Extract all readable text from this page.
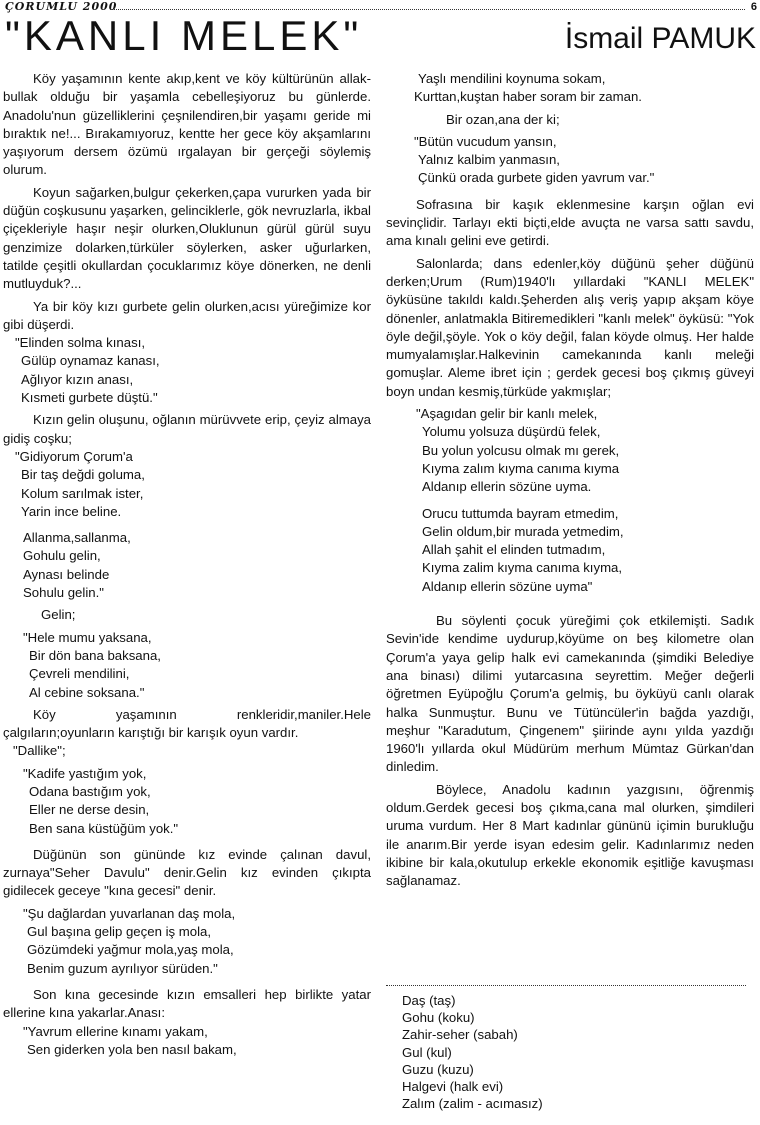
ÇORUMLU 2000	6
"KANLI MELEK"	İsmail PAMUK

Köy yaşamının kente akıp,kent ve köy kültürünün allak-bullak olduğu bir yaşamla cebelleşiyoruz bu günlerde. Anadolu'nun güzelliklerini çeşnilendiren,bir yaşamı geride mi bıraktık ne!... Bırakamıyoruz, kentte her gece köy akşamlarını yaşıyorum dersem özümü ırgalayan bir gerçeği söylemiş olurum.

Koyun sağarken,bulgur çekerken,çapa vururken yada bir düğün coşkusunu yaşarken, gelinciklerle, gök nevruzlarla, ikbal çiçekleriyle haşır neşir olurken,Oluklunun gürül gürül suyu genzimize dolarken,türküler söylerken, asker uğurlarken, tatilde çeşitli okullardan çocuklarımız köye dönerken, ne denli mutluyduk?...

Ya bir köy kızı gurbete gelin olurken,acısı yüreğimize kor gibi düşerdi.

"Elinden solma kınası,
Gülüp oynamaz kanası,
Ağlıyor kızın anası,
Kısmeti gurbete düştü."

Kızın gelin oluşunu, oğlanın mürüvvete erip, çeyiz almaya gidiş coşku;

"Gidiyorum Çorum'a
Bir taş değdi goluma,
Kolum sarılmak ister,
Yarin ince beline.
Allanma,sallanma,
Gohulu gelin,
Aynası belinde
Sohulu gelin."
Gelin;
"Hele mumu yaksana,
Bir dön bana baksana,
Çevreli mendilini,
Al cebine soksana."

Köy yaşamının renkleridir,maniler.Hele çalgıların;oyunların karıştığı bir karışık oyun vardır.

"Dallike";
"Kadife yastığım yok,
Odana bastığım yok,
Eller ne derse desin,
Ben sana küstüğüm yok."

Düğünün son gününde kız evinde çalınan davul, zurnaya"Seher Davulu" denir.Gelin kız evinden çıkıpta gidilecek geceye "kına gecesi" denir.

"Şu dağlardan yuvarlanan daş mola,
Gul başına gelip geçen iş mola,
Gözümdeki yağmur mola,yaş mola,
Benim guzum ayrılıyor sürüden."

Son kına gecesinde kızın emsalleri hep birlikte yatar ellerine kına yakarlar.Anası:

"Yavrum ellerine kınamı yakam,
Sen giderken yola ben nasıl bakam,
Yaşlı mendilini koynuma sokam,
Kurttan,kuştan haber soram bir zaman.
Bir ozan,ana der ki;
"Bütün vucudum yansın,
Yalnız kalbim yanmasın,
Çünkü orada gurbete giden yavrum var."

Sofrasına bir kaşık eklenmesine karşın oğlan evi sevinçlidir. Tarlayı ekti biçti,elde avuçta ne varsa sattı savdu, ama kınalı gelini eve getirdi.

Salonlarda; dans edenler,köy düğünü şeher düğünü derken;Urum (Rum)1940'lı yıllardaki "KANLI MELEK" öyküsüne takıldı kaldı.Şeherden alış veriş yapıp akşam köye dönenler, anlatmakla Bitiremedikleri "kanlı melek" öyküsü: "Yok öyle değil,şöyle. Yok o köy değil, falan köyde olmuş. Her halde mumyalamışlar.Halkevinin camekanında kanlı meleği gomuşlar. Aleme ibret için ; gerdek gecesi boş çıkmış güveyi boyn undan kesmiş,türküde yakmışlar;

"Aşagıdan gelir bir kanlı melek,
Yolumu yolsuza düşürdü felek,
Bu yolun yolcusu olmak mı gerek,
Kıyma zalım kıyma canıma kıyma
Aldanıp ellerin sözüne uyma.
Orucu tuttumda bayram etmedim,
Gelin oldum,bir murada yetmedim,
Allah şahit el elinden tutmadım,
Kıyma zalim kıyma canıma kıyma,
Aldanıp ellerin sözüne uyma"

Bu söylenti çocuk yüreğimi çok etkilemişti. Sadık Sevin'ide kendime uydurup,köyüme on beş kilometre olan Çorum'a yaya gelip halk evi camekanında (şimdiki Belediye ana binası) dilimi yutarcasına seyrettim. Meğer değerli öğretmen Eyüpoğlu Çorum'a gelmiş, bu öyküyü canlı olarak halka Sunmuştur. Bunu ve Tütüncüler'in bağda yazdığı, meşhur "Karadutum, Çingenem" şiirinde aynı yılda yazdığı 1960'lı yıllarda okul Müdürüm merhum Mümtaz Gürkan'dan dinledim.

Böylece, Anadolu kadının yazgısını, öğrenmiş oldum.Gerdek gecesi boş çıkma,cana mal olurken, şimdileri uruma vurdum. Her 8 Mart kadınlar gününü içimin burukluğu ile anarım.Bir yerde isyan edesim gelir. Kadınlarımız neden ikibine bir kala,okutulup erkekle ekonomik eşitliğe kavuşması sağlanamaz.

Daş (taş)
Gohu (koku)
Zahir-seher (sabah)
Gul (kul)
Guzu (kuzu)
Halgevi (halk evi)
Zalım (zalim - acımasız)
